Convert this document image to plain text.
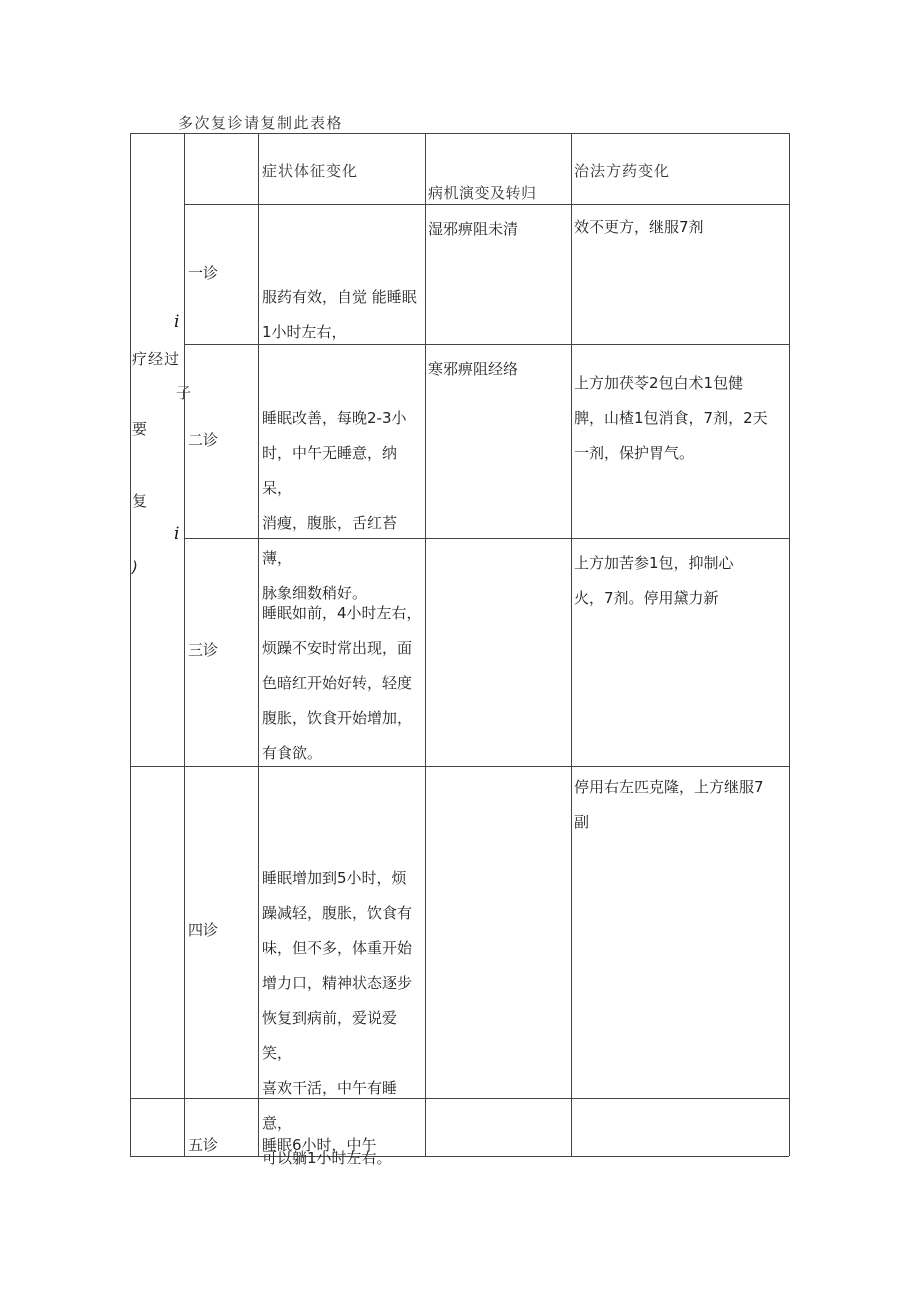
多次复诊请复制此表格
疗经过
要
复
)
i
i
子
症状体征变化
病机演变及转归
治法方药变化
一诊
二诊
三诊
四诊
五诊
服药有效，自觉 能睡眠1小时左右，
睡眠改善，每晚2-3小
时，中午无睡意，纳呆，
消瘦，腹胀，舌红苔薄，
脉象细数稍好。
睡眠如前，4小时左右，
烦躁不安时常出现，面
色暗红开始好转，轻度
腹胀，饮食开始增加，
有食欲。
睡眠增加到5小时，烦
躁减轻，腹胀，饮食有
味，但不多，体重开始
增力口，精神状态逐步
恢复到病前，爱说爱笑，
喜欢干活，中午有睡意，
可以躺1小时左右。
睡眠6小时，中午
湿邪痹阻未清
寒邪痹阻经络
效不更方，继服7剂
上方加茯苓2包白术1包健
脾，山楂1包消食，7剂，2天
一剂，保护胃气。
上方加苦参1包，抑制心
火，7剂。停用黛力新
停用右左匹克隆，上方继服7
副
